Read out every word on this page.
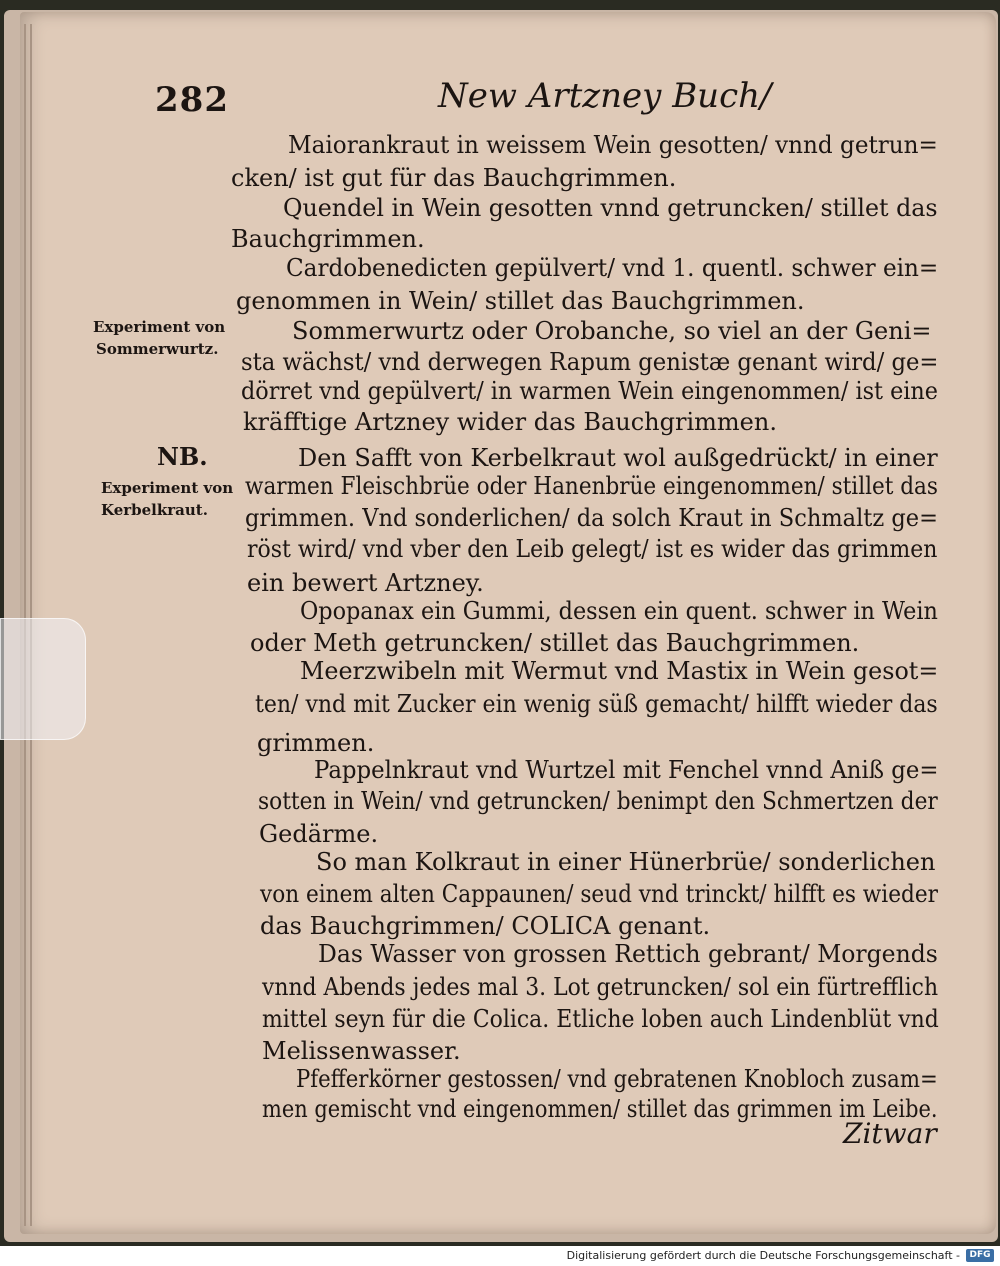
282	New Artzney Buch/
Experiment von
Sommerwurtz.
NB.
Experiment von
Kerbelkraut.
Maiorankraut in weissem Wein gesotten/ vnnd getrun=
cken/ ist gut für das Bauchgrimmen.
Quendel in Wein gesotten vnnd getruncken/ stillet das
Bauchgrimmen.
Cardobenedicten gepülvert/ vnd 1. quentl. schwer ein=
genommen in Wein/ stillet das Bauchgrimmen.
Sommerwurtz oder Orobanche, so viel an der Geni=
sta wächst/ vnd derwegen Rapum genistæ genant wird/ ge=
dörret vnd gepülvert/ in warmen Wein eingenommen/ ist eine
kräfftige Artzney wider das Bauchgrimmen.
Den Safft von Kerbelkraut wol außgedrückt/ in einer
warmen Fleischbrüe oder Hanenbrüe eingenommen/ stillet das
grimmen. Vnd sonderlichen/ da solch Kraut in Schmaltz ge=
röst wird/ vnd vber den Leib gelegt/ ist es wider das grimmen
ein bewert Artzney.
Opopanax ein Gummi, dessen ein quent. schwer in Wein
oder Meth getruncken/ stillet das Bauchgrimmen.
Meerzwibeln mit Wermut vnd Mastix in Wein gesot=
ten/ vnd mit Zucker ein wenig süß gemacht/ hilfft wieder das
grimmen.
Pappelnkraut vnd Wurtzel mit Fenchel vnnd Aniß ge=
sotten in Wein/ vnd getruncken/ benimpt den Schmertzen der
Gedärme.
So man Kolkraut in einer Hünerbrüe/ sonderlichen
von einem alten Cappaunen/ seud vnd trinckt/ hilfft es wieder
das Bauchgrimmen/ COLICA genant.
Das Wasser von grossen Rettich gebrant/ Morgends
vnnd Abends jedes mal 3. Lot getruncken/ sol ein fürtrefflich
mittel seyn für die Colica. Etliche loben auch Lindenblüt vnd
Melissenwasser.
Pfefferkörner gestossen/ vnd gebratenen Knobloch zusam=
men gemischt vnd eingenommen/ stillet das grimmen im Leibe.
Zitwar
Digitalisierung gefördert durch die Deutsche Forschungsgemeinschaft -	DFG
